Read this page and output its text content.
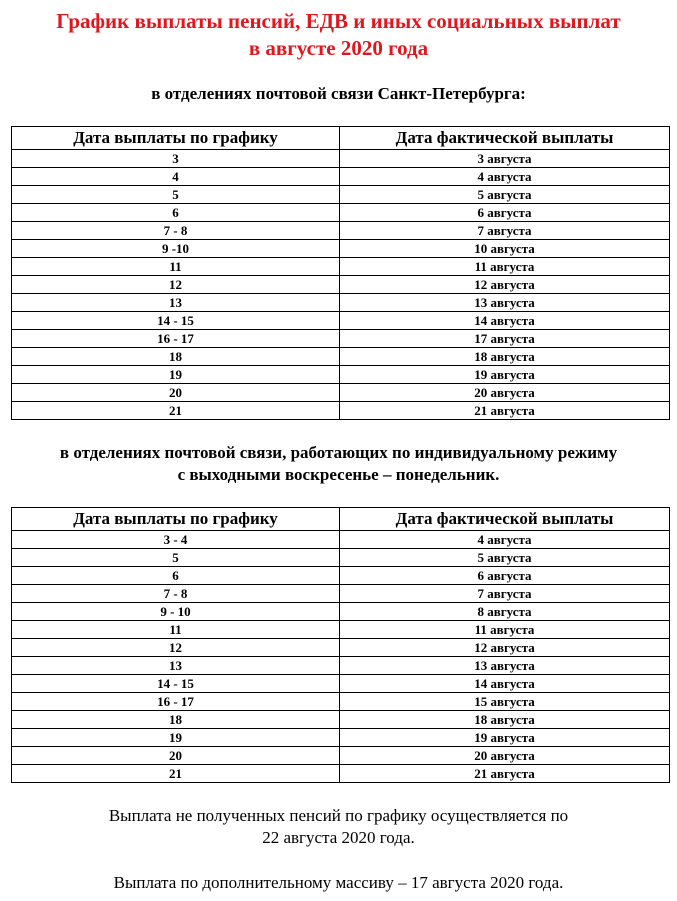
График выплаты пенсий, ЕДВ и иных социальных выплат
в августе 2020 года
в отделениях почтовой связи Санкт-Петербурга:
Дата выплаты по графику	Дата фактической выплаты
3	3 августа
4	4 августа
5	5 августа
6	6 августа
7 - 8	7 августа
9 -10	10 августа
11	11 августа
12	12 августа
13	13 августа
14 - 15	14 августа
16 - 17	17 августа
18	18 августа
19	19 августа
20	20 августа
21	21 августа
в отделениях почтовой связи, работающих по индивидуальному режиму
с выходными воскресенье – понедельник.
Дата выплаты по графику	Дата фактической выплаты
3 - 4	4 августа
5	5 августа
6	6 августа
7 - 8	7 августа
9 - 10	8 августа
11	11 августа
12	12 августа
13	13 августа
14 - 15	14 августа
16 - 17	15 августа
18	18 августа
19	19 августа
20	20 августа
21	21 августа
Выплата не полученных пенсий по графику осуществляется по
22 августа 2020 года.
Выплата по дополнительному массиву – 17 августа 2020 года.
